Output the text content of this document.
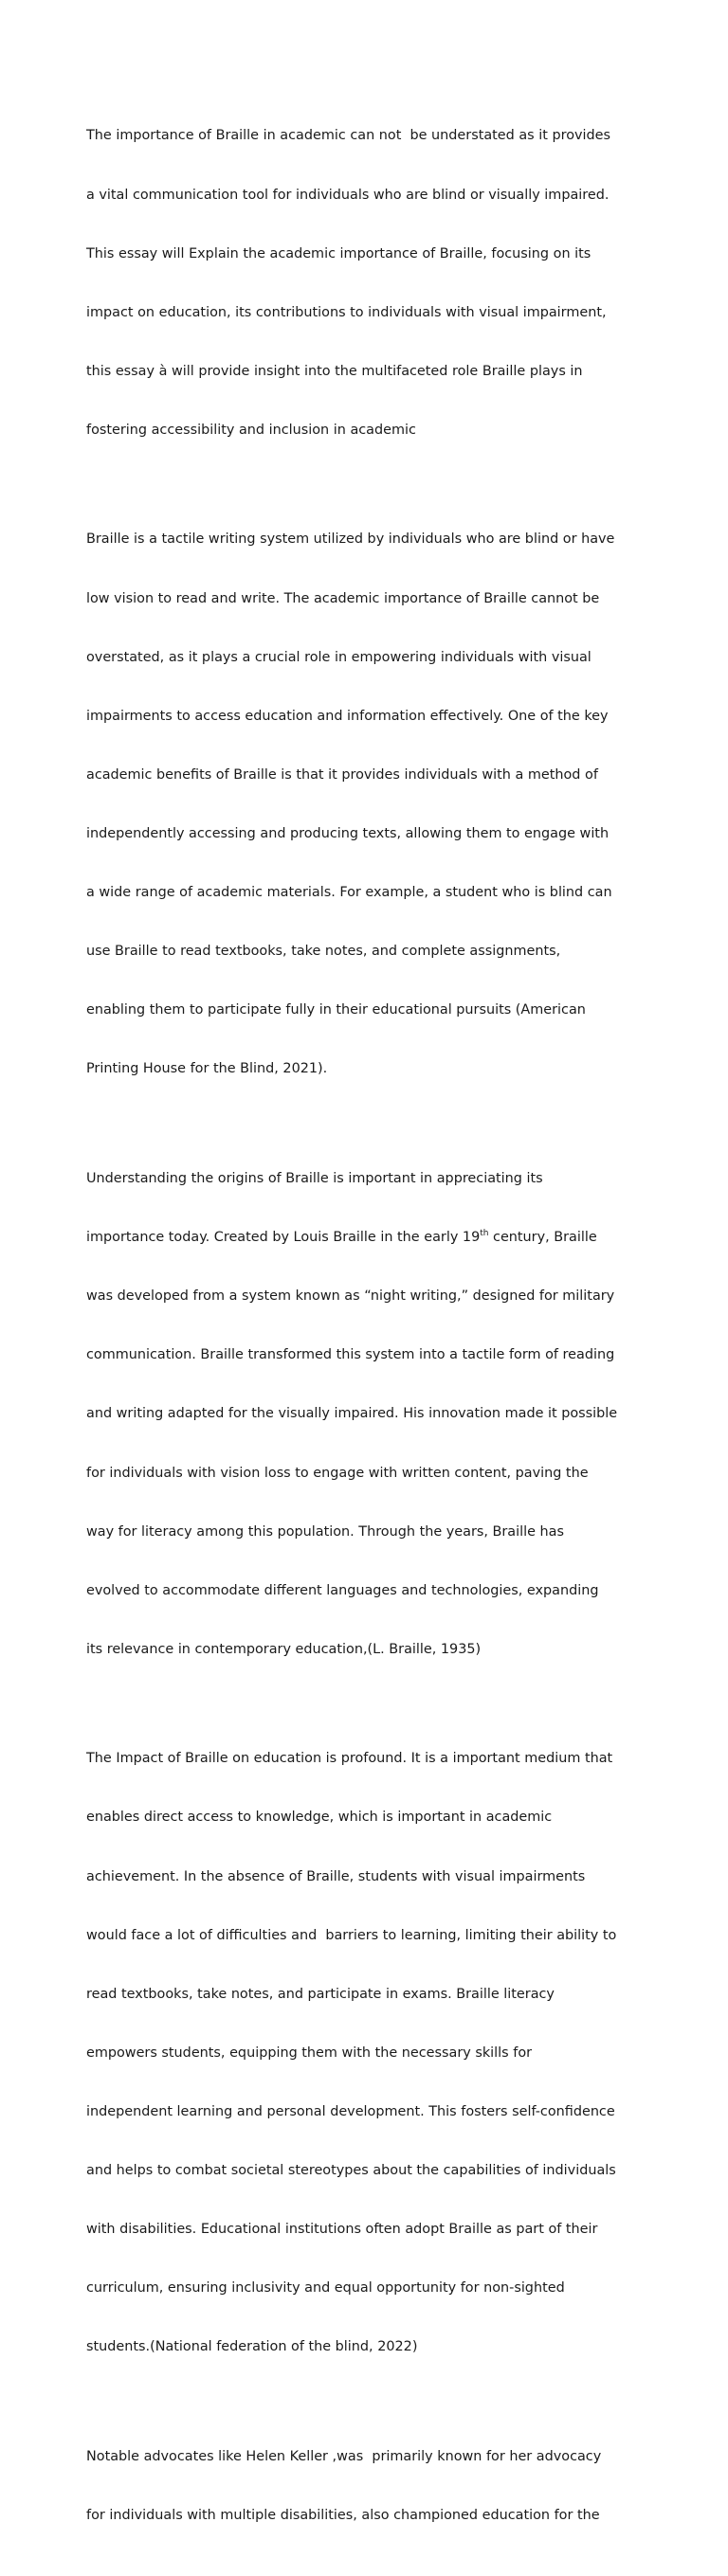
The importance of Braille in academic can not  be understated as it provides

a vital communication tool for individuals who are blind or visually impaired.

This essay will Explain the academic importance of Braille, focusing on its

impact on education, its contributions to individuals with visual impairment,

this essay à will provide insight into the multifaceted role Braille plays in

fostering accessibility and inclusion in academic

Braille is a tactile writing system utilized by individuals who are blind or have

low vision to read and write. The academic importance of Braille cannot be

overstated, as it plays a crucial role in empowering individuals with visual

impairments to access education and information effectively. One of the key

academic benefits of Braille is that it provides individuals with a method of

independently accessing and producing texts, allowing them to engage with

a wide range of academic materials. For example, a student who is blind can

use Braille to read textbooks, take notes, and complete assignments,

enabling them to participate fully in their educational pursuits (American

Printing House for the Blind, 2021).

Understanding the origins of Braille is important in appreciating its

importance today. Created by Louis Braille in the early 19th century, Braille

was developed from a system known as “night writing,” designed for military

communication. Braille transformed this system into a tactile form of reading

and writing adapted for the visually impaired. His innovation made it possible

for individuals with vision loss to engage with written content, paving the

way for literacy among this population. Through the years, Braille has

evolved to accommodate different languages and technologies, expanding

its relevance in contemporary education,(L. Braille, 1935)

The Impact of Braille on education is profound. It is a important medium that

enables direct access to knowledge, which is important in academic

achievement. In the absence of Braille, students with visual impairments

would face a lot of difficulties and  barriers to learning, limiting their ability to

read textbooks, take notes, and participate in exams. Braille literacy

empowers students, equipping them with the necessary skills for

independent learning and personal development. This fosters self-confidence

and helps to combat societal stereotypes about the capabilities of individuals

with disabilities. Educational institutions often adopt Braille as part of their

curriculum, ensuring inclusivity and equal opportunity for non-sighted

students.(National federation of the blind, 2022)

Notable advocates like Helen Keller ,was  primarily known for her advocacy

for individuals with multiple disabilities, also championed education for the
